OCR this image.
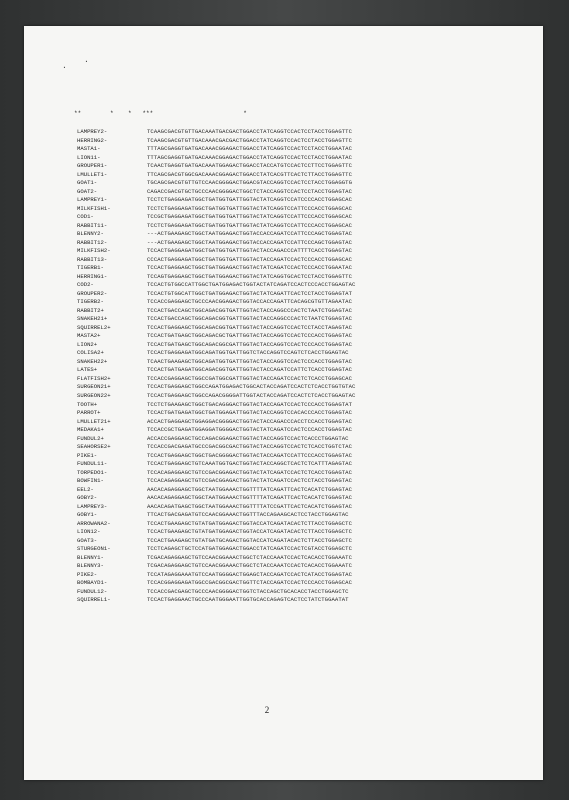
.
.
**        *    *   ***                         *
LAMPREY2-	TCAAGCGACGTGTTGACAAATGACGACTGGACCTATCAGGTCCACTCCTACCTGGAGTTC
HERRING2-	TCAAGCGACGTGTTGACAAACGACGACTGGACCTATCAGGTCCACTCCTACCTGGAGTTC
MASTA1-	TTTAGCGAGGTGATGACAAACGGAGACTGGACCTATCAGGTCCACTCCTACCTGGAATAC
LION11-	TTTAGCGAGGTGATGACAAACGGAGACTGGACCTATCAGGTCCACTCCTACCTGGAATAC
GROUPER1-	TCAACTGAGGTGATGACAAATGGAGACTGGACCTACCATGTCCACTCCTTCCTGGAGTTC
LMULLET1-	TTCAGCGACGTGGCGACAAACGGAGACTGGACCTATCACGTTCACTCTTACCTGGAGTTC
GOAT1-	TGCAGCGACGTGTTGTCCAACGGGGACTGGACGTACCAGGTCCACTCCTACCTGGAGGTG
GOAT2-	CAGACCGACGTGCTGCCCAACGGGGACTGGCTCTACCAGGTCCACTCCTACCTGGAGTAC
LAMPREY1-	TCCTCTGAGGAGATGGCTGATGGTGATTGGTACTATCAGGTCCATCCCCACCTGGAGCAC
MILKFISH1-	TCCTCTGAGGAGATGGCTGATGGTGATTGGTACTATCAGGTCCATTCCCACCTGGAGCAC
COD1-	TCCGCTGAGGAGATGGCTGATGGTGATTGGTACTATCAGGTCCATTCCCACCTGGAGCAC
RABBIT11-	TCCTCTGAGGAGATGGCTGATGGTGATTGGTACTATCAGGTCCATTCCCACCTGGAGCAC
BLENNY2-	---ACTGAAGAGCTGGCTAATGGAGACTGGTACCACCAGATCCATTCCCAGCTGGAGTAC
RABBIT12-	---ACTGAAGAGCTGGCTAATGGAGACTGGTACCACCAGATCCATTCCCAGCTGGAGTAC
MILKFISH2-	TCCACTGAGGAGATGGCTGATGGTGATTGGTACTACCAGACCCATTTTCACCTGGAGTAC
RABBIT13-	CCCACTGAGGAGATGGCTGATGGTGATTGGTACTACCAGATCCACTCCCACCTGGAGCAC
TIGERB1-	TCCACTGAGGAGCTGGCTGATGGAGACTGGTACTATCAGATCCACTCCCACCTGGAATAC
HERRING1-	TCCAGTGAGGAGCTGGCTGATGGAGACTGGTACTATCAGGTGCACTCCTACCTGGAGTTC
COD2-	TCCACTGTGGCCATTGGCTGATGGAGACTGGTACTATCAGATCCACTCCCACCTGGAGTAC
GROUPER2-	TCCACTGTGGCATTGGCTGATGGAGACTGGTACTATCAGATTCACTCCTACCTGGAGTAT
TIGERB2-	TCCACCGAGGAGCTGCCCAACGGAGACTGGTACCACCAGATTCACAGCGTGTTAGAATAC
RABBIT2+	TCCACTGACCAGCTGGCAGACGGTGATTGGTACTACCAGGCCCACTCTAATCTGGAGTAC
SNAKEH21+	TCCACTGACCAGCTGGCAGACGGTGATTGGTACTACCAGGCCCACTCTAATCTGGAGTAC
SQUIRREL2+	TCCACTGAGGAGCTGGCAGACGGTGATTGGTACTACCAGGTCCACTCCTACCTAGAGTAC
MASTA2+	TCCACTGATGAGCTGGCAGACGCTGATTGGTACTACCAGGTCCACTCCCACCTGGAGTAC
LION2+	TCCACTGATGAGCTGGCAGACGGCGATTGGTACTACCAGGTCCACTCCCACCTGGAGTAC
COLISA2+	TCCACTGAGGAGATGGCAGATGGTGATTGGTCTACCAGGTCCAGTCTCACCTGGAGTAC
SNAKEH22+	TCAACTGAAGAGCTGGCAGATGGTGATTGGTACTACCAGGTCCACTCCCACCTGGAGTAC
LATES+	TCCACTGATGAGATGGCAGACGGTGATTGGTACTACCAGATCCATTCTCACCTGGAGTAC
FLATFISH2+	TCCACCGAGGAGCTGGCCGATGGCGATTGGTACTACCAGATCCACTCTCACCTGGAGCAC
SURGEON21+	TCCACTGAGGAGCTGGCCAGATGGAGACTGGCACTACCAGATCCACTCTCACCTGGTGTAC
SURGEON22+	TCCACTGAGGAGCTGGCCAGACGGGGATTGGTACTACCAGATCCACTCTCACCTGGAGTAC
TOOTH+	TCCTCTGAAGAGCTGGCTGACAGGGACTGGTACTACCAGATCCACTCCCACCTGGAGTAT
PARROT+	TCCACTGATGAGATGGCTGATGGAGATTGGTACTACCAGGTCCACACCCACCTGGAGTAC
LMULLET21+	ACCACTGAGGAGCTGGAGGACGGGGACTGGTACTACCAGACCCACCTCCACCTGGAGTAC
MEDAKA1+	TCCACCGCTGAGATGGAGGATGGGGACTGGTACTATCAGATCCACTCCCACCTGGAGTAC
FUNDUL2+	ACCACCGAGGAGCTGCCAGACGGAGACTGGTACTACCAGGTCCACTCACCCTGGAGTAC
SEAHORSE2+	TCCACCGACGAGATGCCCGACGGCGACTGGTACTACCAGGTCCACTCTCACCTGGTCTAC
PIKE1-	TCCACTGAGGAGCTGGCTGACGGGGACTGGTACTACCAGATCCATTCCCACCTGGAGTAC
FUNDUL11-	TCCACTGAGGAGCTGTCAAATGGTGACTGGTACTACCAGGCTCACTCTCATTTAGAGTAC
TORPEDO1-	TCCACAGAGGAGCTGTCCGACGGAGACTGGTACTATCAGATCCACTCTCACCTGGAGTAC
BOWFIN1-	TCCACAGAGGAGCTGTCCGACGGAGACTGGTACTATCAGATCCACTCCTACCTGGAGTAC
EEL2-	AACACAGAGGAGCTGGCTAATGGAAACTGGTTTTATCAGATTCACTCACATCTGGAGTAC
GOBY2-	AACACAGAGGAGCTGGCTAATGGAAACTGGTTTTATCAGATTCACTCACATCTGGAGTAC
LAMPREY3-	AACACAGATGAGCTGGCTAATGGAAACTGGTTTTATCCGATTCACTCACATCTGGAGTAC
GOBY1-	TTCACTGACGAGATGTCCAACGGAAACTGGTTTACCAGAAGCACTCCTACCTGGAGTAC
ARROWANA2-	TCCACTGAAGAGCTGTATGATGGAGACTGGTACCATCAGATACACTCTTACCTGGAGCTC
LION12-	TCCACTGAAGAGCTGTATGATGGAGACTGGTACCATCAGATACACTCTTACCTGGAGCTC
GOAT3-	TCCACTGAAGAGCTGTATGATGCAGACTGGTACCATCAGATACACTCTTACCTGGAGCTC
STURGEON1-	TCCTCAGAGCTGCTCCATGATGGAGACTGGACCTATCAGATCCACTCGTACCTGGAGCTC
BLENNY1-	TCGACAGAGGAGCTGTCCAACGGAAACTGGCTCTACCAAATCCACTCACACCTGGAAATC
BLENNY3-	TCGACAGAGGAGCTGTCCAACGGAAACTGGCTCTACCAAATCCACTCACACCTGGAAATC
PIKE2-	TCCATAGAGGAAATGTCCAATGGGGACTGGAGCTACCAGATCCACTCATACCTGGAGTAC
BOMBAYD1-	TCCACGGAGGAGATGGCCGACGGCGACTGGTTCTACCAGATCCACTCCCACCTGGAGCAC
FUNDUL12-	TCCACCGACGAGCTGCCCAACGGGGACTGGTCTACCAGCTGCACACCTACCTGGAGCTC
SQUIRREL1-	TCCACTGAGGAACTGCCCAATGGGAATTGGTGCACCAGAGTCACTCCTATCTGGAATAT
2
